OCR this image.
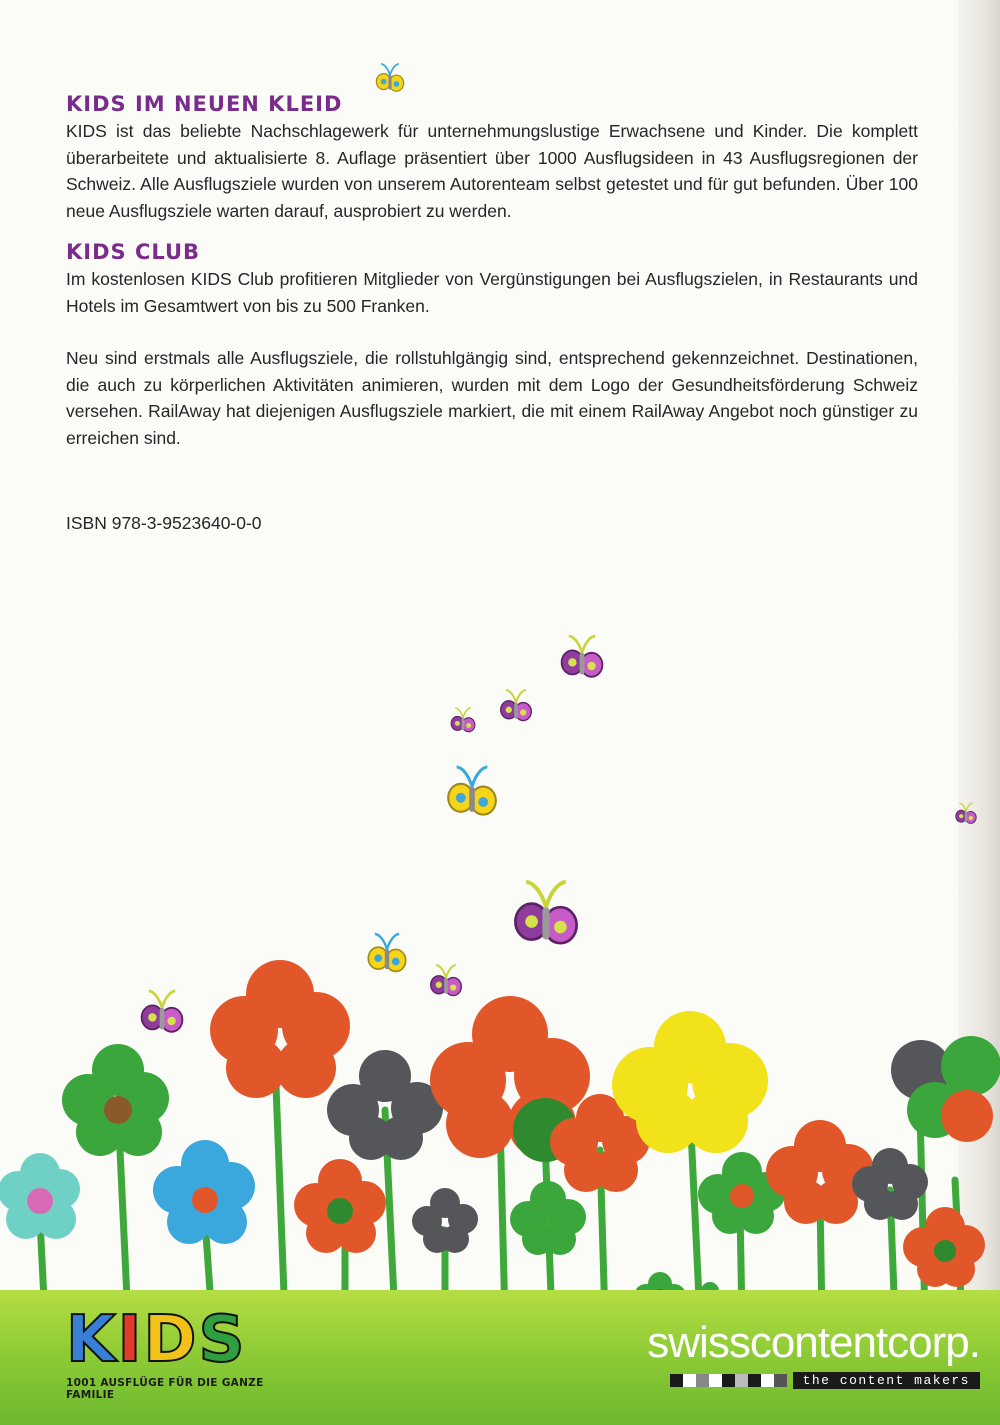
KIDS IM NEUEN KLEID

KIDS ist das beliebte Nachschlagewerk für unternehmungslustige Erwachsene und Kinder. Die komplett überarbeitete und aktualisierte 8. Auflage präsentiert über 1000 Ausflugsideen in 43 Ausflugsregionen der Schweiz. Alle Ausflugsziele wurden von unserem Autorenteam selbst getestet und für gut befunden. Über 100 neue Ausflugsziele warten darauf, ausprobiert zu werden.

KIDS CLUB

Im kostenlosen KIDS Club profitieren Mitglieder von Vergünstigungen bei Ausflugszielen, in Restaurants und Hotels im Gesamtwert von bis zu 500 Franken.

Neu sind erstmals alle Ausflugsziele, die rollstuhlgängig sind, entsprechend gekennzeichnet. Destinationen, die auch zu körperlichen Aktivitäten animieren, wurden mit dem Logo der Gesundheitsförderung Schweiz versehen. RailAway hat diejenigen Ausflugsziele markiert, die mit einem RailAway Angebot noch günstiger zu erreichen sind.

ISBN 978-3-9523640-0-0
K I D S
1001 AUSFLÜGE FÜR DIE GANZE FAMILIE
swisscontentcorp.
the content makers
